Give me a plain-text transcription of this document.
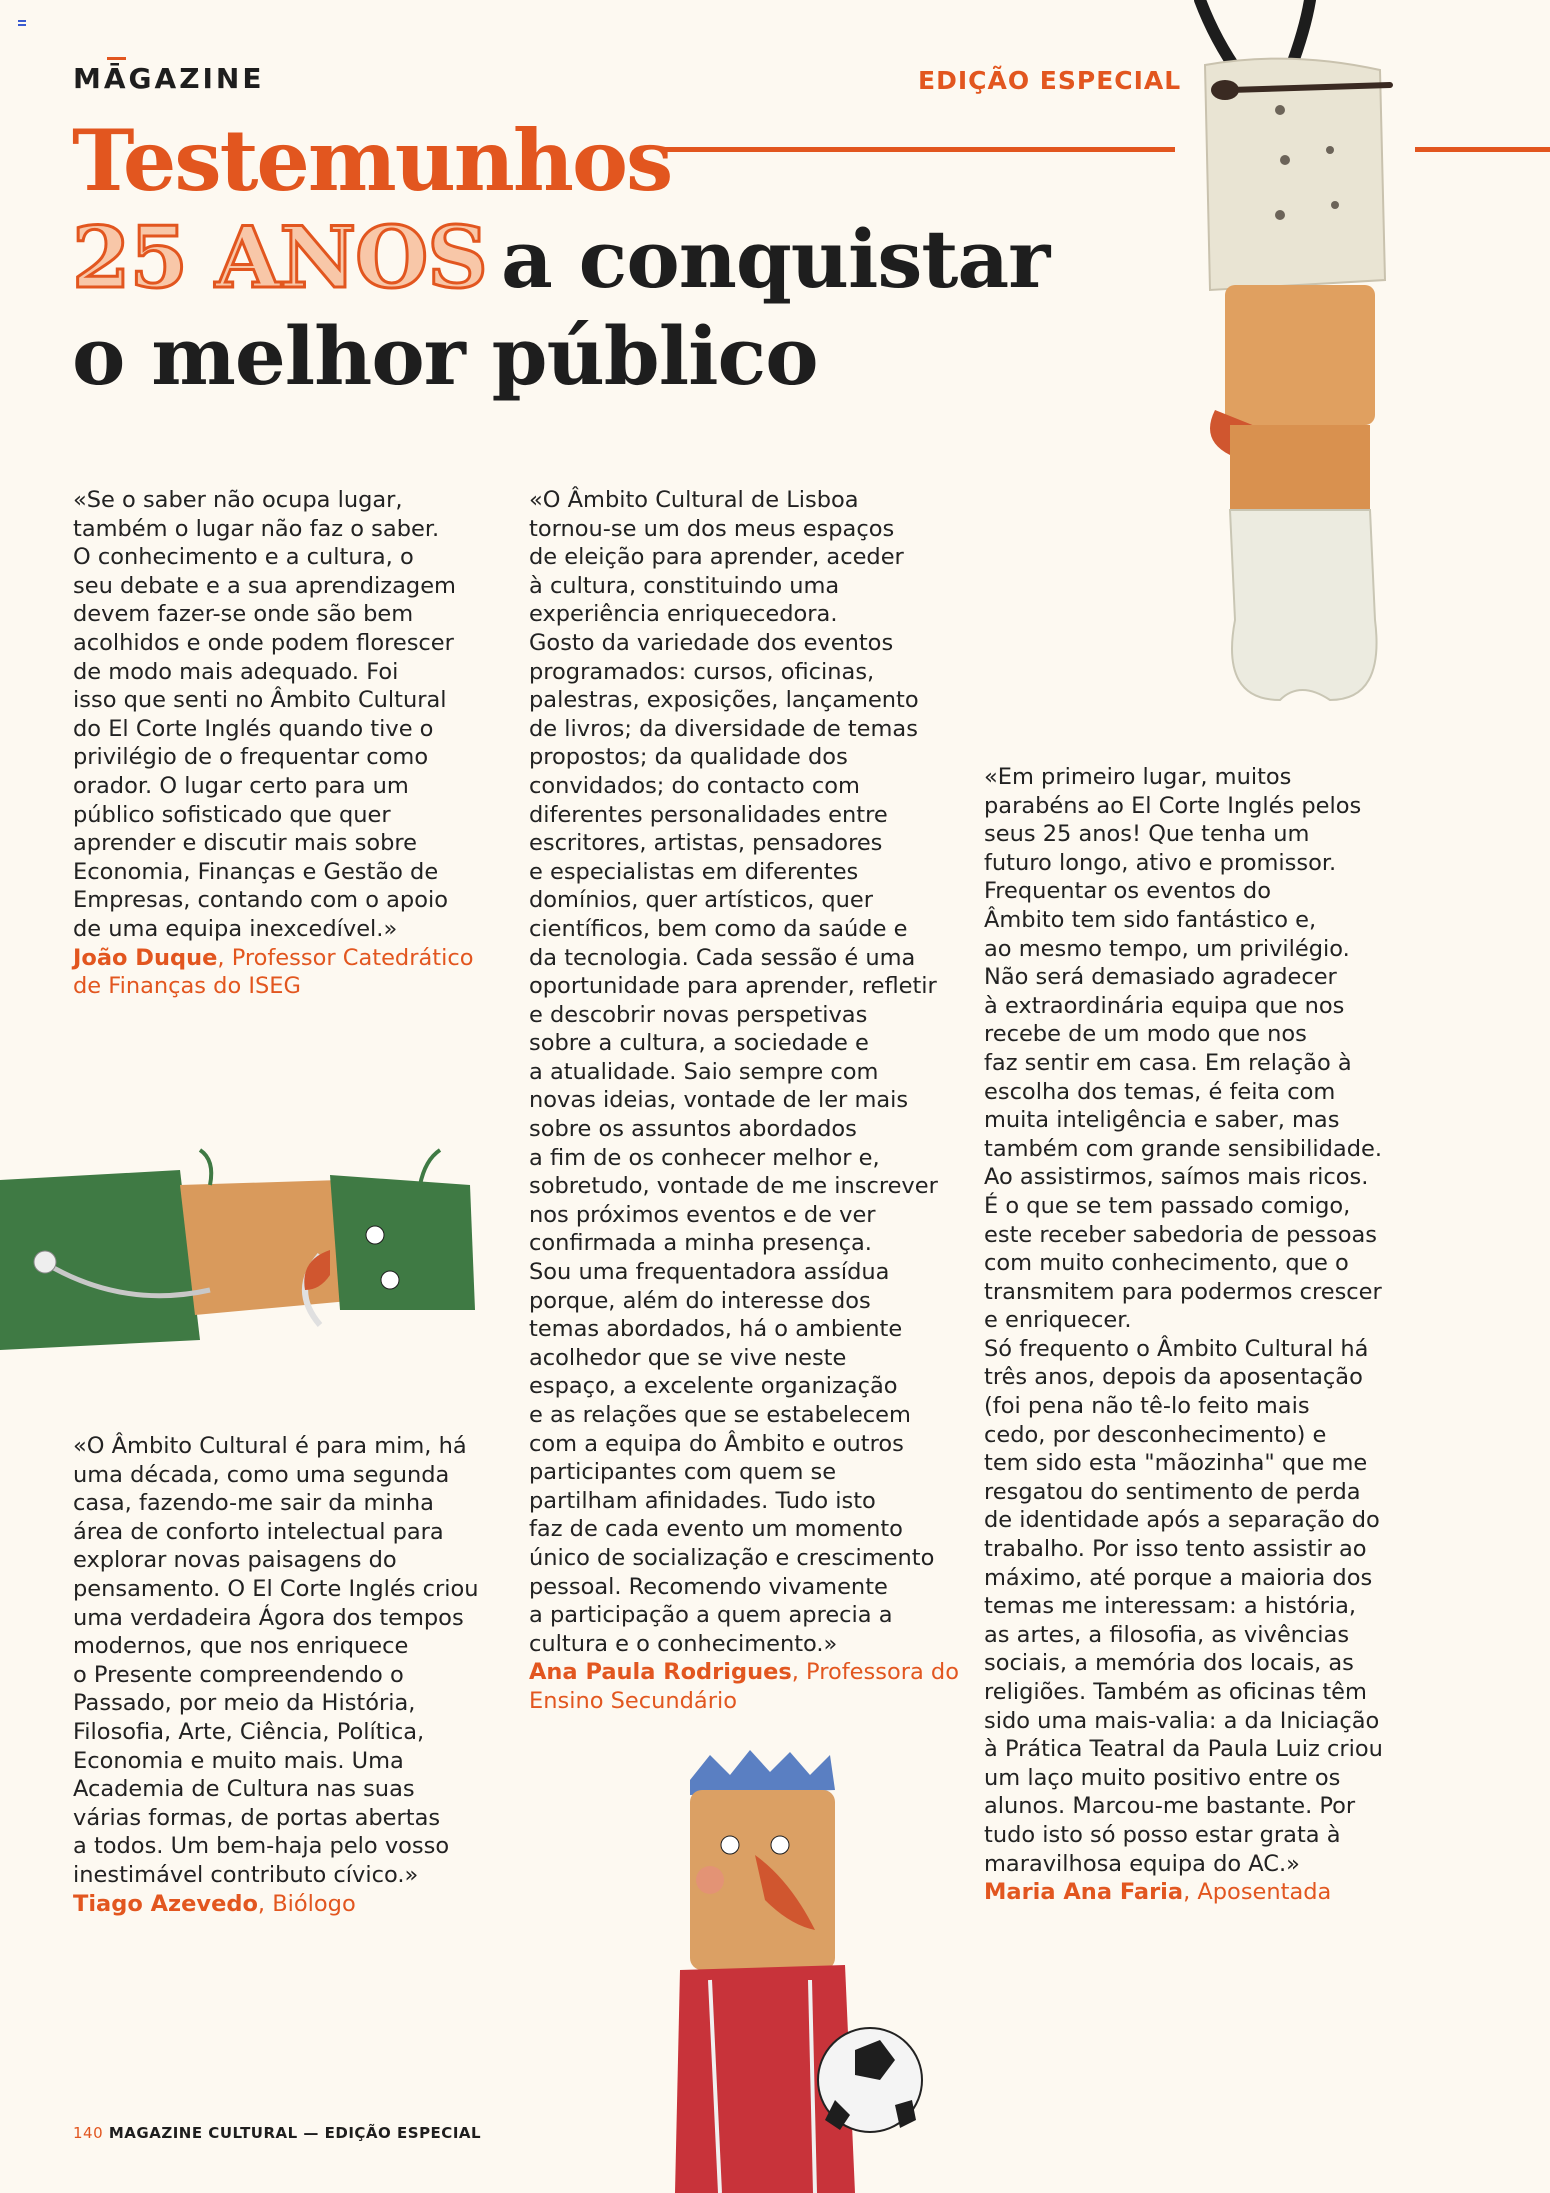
MĀGAZINE	EDIÇÃO ESPECIAL
Testemunhos
25 ANOS a conquistar
o melhor público
«Se o saber não ocupa lugar,
também o lugar não faz o saber.
O conhecimento e a cultura, o
seu debate e a sua aprendizagem
devem fazer-se onde são bem
acolhidos e onde podem florescer
de modo mais adequado. Foi
isso que senti no Âmbito Cultural
do El Corte Inglés quando tive o
privilégio de o frequentar como
orador. O lugar certo para um
público sofisticado que quer
aprender e discutir mais sobre
Economia, Finanças e Gestão de
Empresas, contando com o apoio
de uma equipa inexcedível.»
João Duque, Professor Catedrático de Finanças do ISEG
«O Âmbito Cultural é para mim, há
uma década, como uma segunda
casa, fazendo-me sair da minha
área de conforto intelectual para
explorar novas paisagens do
pensamento. O El Corte Inglés criou
uma verdadeira Ágora dos tempos
modernos, que nos enriquece
o Presente compreendendo o
Passado, por meio da História,
Filosofia, Arte, Ciência, Política,
Economia e muito mais. Uma
Academia de Cultura nas suas
várias formas, de portas abertas
a todos. Um bem-haja pelo vosso
inestimável contributo cívico.»
Tiago Azevedo, Biólogo
«O Âmbito Cultural de Lisboa
tornou-se um dos meus espaços
de eleição para aprender, aceder
à cultura, constituindo uma
experiência enriquecedora.
Gosto da variedade dos eventos
programados: cursos, oficinas,
palestras, exposições, lançamento
de livros; da diversidade de temas
propostos; da qualidade dos
convidados; do contacto com
diferentes personalidades entre
escritores, artistas, pensadores
e especialistas em diferentes
domínios, quer artísticos, quer
científicos, bem como da saúde e
da tecnologia. Cada sessão é uma
oportunidade para aprender, refletir
e descobrir novas perspetivas
sobre a cultura, a sociedade e
a atualidade. Saio sempre com
novas ideias, vontade de ler mais
sobre os assuntos abordados
a fim de os conhecer melhor e,
sobretudo, vontade de me inscrever
nos próximos eventos e de ver
confirmada a minha presença.
Sou uma frequentadora assídua
porque, além do interesse dos
temas abordados, há o ambiente
acolhedor que se vive neste
espaço, a excelente organização
e as relações que se estabelecem
com a equipa do Âmbito e outros
participantes com quem se
partilham afinidades. Tudo isto
faz de cada evento um momento
único de socialização e crescimento
pessoal. Recomendo vivamente
a participação a quem aprecia a
cultura e o conhecimento.»
Ana Paula Rodrigues, Professora do Ensino Secundário
«Em primeiro lugar, muitos
parabéns ao El Corte Inglés pelos
seus 25 anos! Que tenha um
futuro longo, ativo e promissor.
Frequentar os eventos do
Âmbito tem sido fantástico e,
ao mesmo tempo, um privilégio.
Não será demasiado agradecer
à extraordinária equipa que nos
recebe de um modo que nos
faz sentir em casa. Em relação à
escolha dos temas, é feita com
muita inteligência e saber, mas
também com grande sensibilidade.
Ao assistirmos, saímos mais ricos.
É o que se tem passado comigo,
este receber sabedoria de pessoas
com muito conhecimento, que o
transmitem para podermos crescer
e enriquecer.
Só frequento o Âmbito Cultural há
três anos, depois da aposentação
(foi pena não tê-lo feito mais
cedo, por desconhecimento) e
tem sido esta "mãozinha" que me
resgatou do sentimento de perda
de identidade após a separação do
trabalho. Por isso tento assistir ao
máximo, até porque a maioria dos
temas me interessam: a história,
as artes, a filosofia, as vivências
sociais, a memória dos locais, as
religiões. Também as oficinas têm
sido uma mais-valia: a da Iniciação
à Prática Teatral da Paula Luiz criou
um laço muito positivo entre os
alunos. Marcou-me bastante. Por
tudo isto só posso estar grata à
maravilhosa equipa do AC.»
Maria Ana Faria, Aposentada
140 MAGAZINE CULTURAL — EDIÇÃO ESPECIAL
